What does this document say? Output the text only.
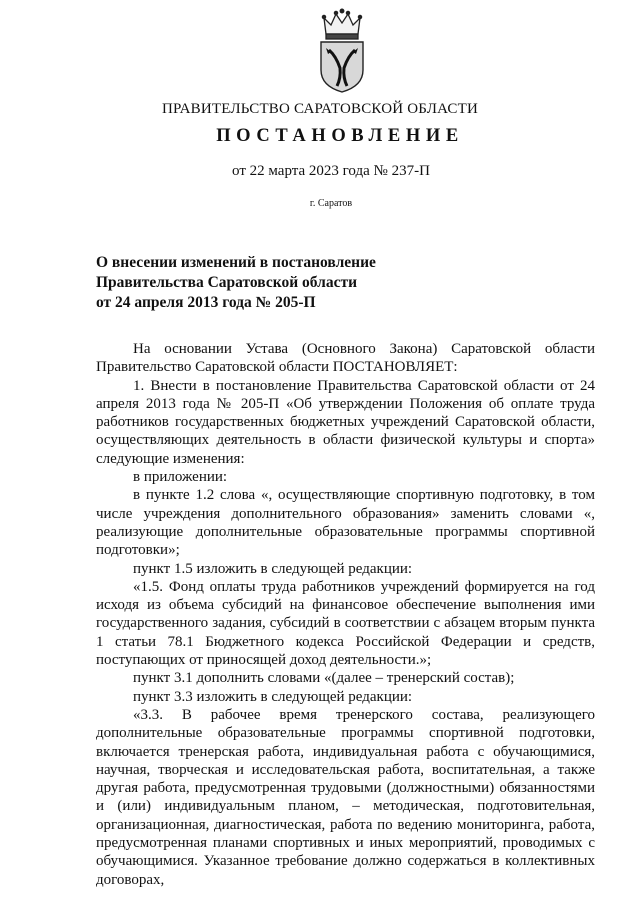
ПРАВИТЕЛЬСТВО САРАТОВСКОЙ ОБЛАСТИ
ПОСТАНОВЛЕНИЕ
от 22 марта 2023 года № 237-П
г. Саратов
О внесении изменений в постановление
Правительства Саратовской области
от 24 апреля 2013 года № 205-П

На основании Устава (Основного Закона) Саратовской области Правительство Саратовской области ПОСТАНОВЛЯЕТ:

1. Внести в постановление Правительства Саратовской области от 24 апреля 2013 года № 205-П «Об утверждении Положения об оплате труда работников государственных бюджетных учреждений Саратовской области, осуществляющих деятельность в области физической культуры и спорта» следующие изменения:

в приложении:

в пункте 1.2 слова «, осуществляющие спортивную подготовку, в том числе учреждения дополнительного образования» заменить словами «, реализующие дополнительные образовательные программы спортивной подготовки»;

пункт 1.5 изложить в следующей редакции:

«1.5. Фонд оплаты труда работников учреждений формируется на год исходя из объема субсидий на финансовое обеспечение выполнения ими государственного задания, субсидий в соответствии с абзацем вторым пункта 1 статьи 78.1 Бюджетного кодекса Российской Федерации и средств, поступающих от приносящей доход деятельности.»;

пункт 3.1 дополнить словами «(далее – тренерский состав);

пункт 3.3 изложить в следующей редакции:

«3.3. В рабочее время тренерского состава, реализующего дополнительные образовательные программы спортивной подготовки, включается тренерская работа, индивидуальная работа с обучающимися, научная, творческая и исследовательская работа, воспитательная, а также другая работа, предусмотренная трудовыми (должностными) обязанностями и (или) индивидуальным планом, – методическая, подготовительная, организационная, диагностическая, работа по ведению мониторинга, работа, предусмотренная планами спортивных и иных мероприятий, проводимых с обучающимися. Указанное требование должно содержаться в коллективных договорах,
